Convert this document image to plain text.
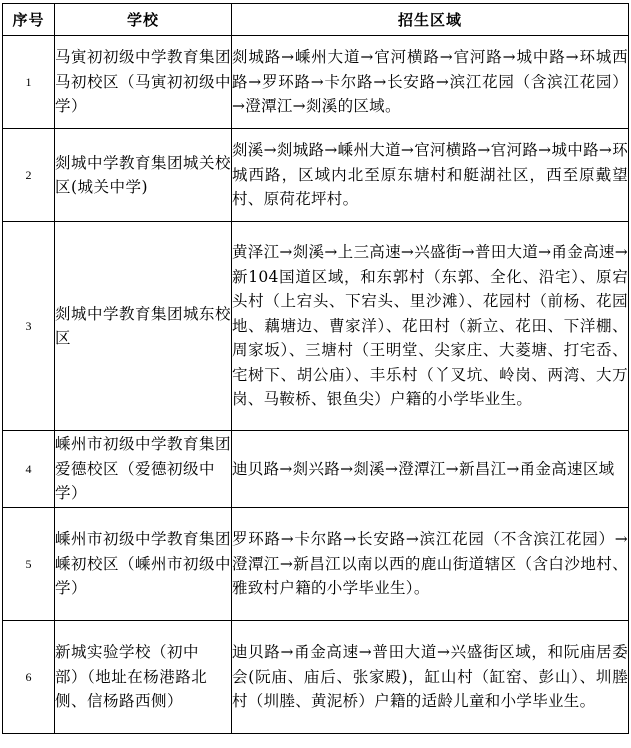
序号	学校	招生区域
1	马寅初初级中学教育集团马初校区（马寅初初级中学）	剡城路→嵊州大道→官河横路→官河路→城中路→环城西路→罗环路→卡尔路→长安路→滨江花园（含滨江花园）→澄潭江→剡溪的区域。
2	剡城中学教育集团城关校区(城关中学)	剡溪→剡城路→嵊州大道→官河横路→官河路→城中路→环城西路，区域内北至原东塘村和艇湖社区，西至原戴望村、原荷花坪村。
3	剡城中学教育集团城东校区	黄泽江→剡溪→上三高速→兴盛街→普田大道→甬金高速→新104国道区域，和东郭村（东郭、全化、沿宅）、原宕头村（上宕头、下宕头、里沙滩）、花园村（前杨、花园地、藕塘边、曹家洋）、花田村（新立、花田、下洋棚、周家坂）、三塘村（王明堂、尖家庄、大菱塘、打宅岙、宅树下、胡公庙）、丰乐村（丫叉坑、岭岗、两湾、大万岗、马鞍桥、银鱼尖）户籍的小学毕业生。
4	嵊州市初级中学教育集团爱德校区（爱德初级中学）	迪贝路→剡兴路→剡溪→澄潭江→新昌江→甬金高速区域
5	嵊州市初级中学教育集团嵊初校区（嵊州市初级中学）	罗环路→卡尔路→长安路→滨江花园（不含滨江花园）→澄潭江→新昌江以南以西的鹿山街道辖区（含白沙地村、雅致村户籍的小学毕业生）。
6	新城实验学校（初中部）（地址在杨港路北侧、信杨路西侧）	迪贝路→甬金高速→普田大道→兴盛街区域，和阮庙居委会(阮庙、庙后、张家殿)，缸山村（缸窑、彭山）、圳塍村（圳塍、黄泥桥）户籍的适龄儿童和小学毕业生。
